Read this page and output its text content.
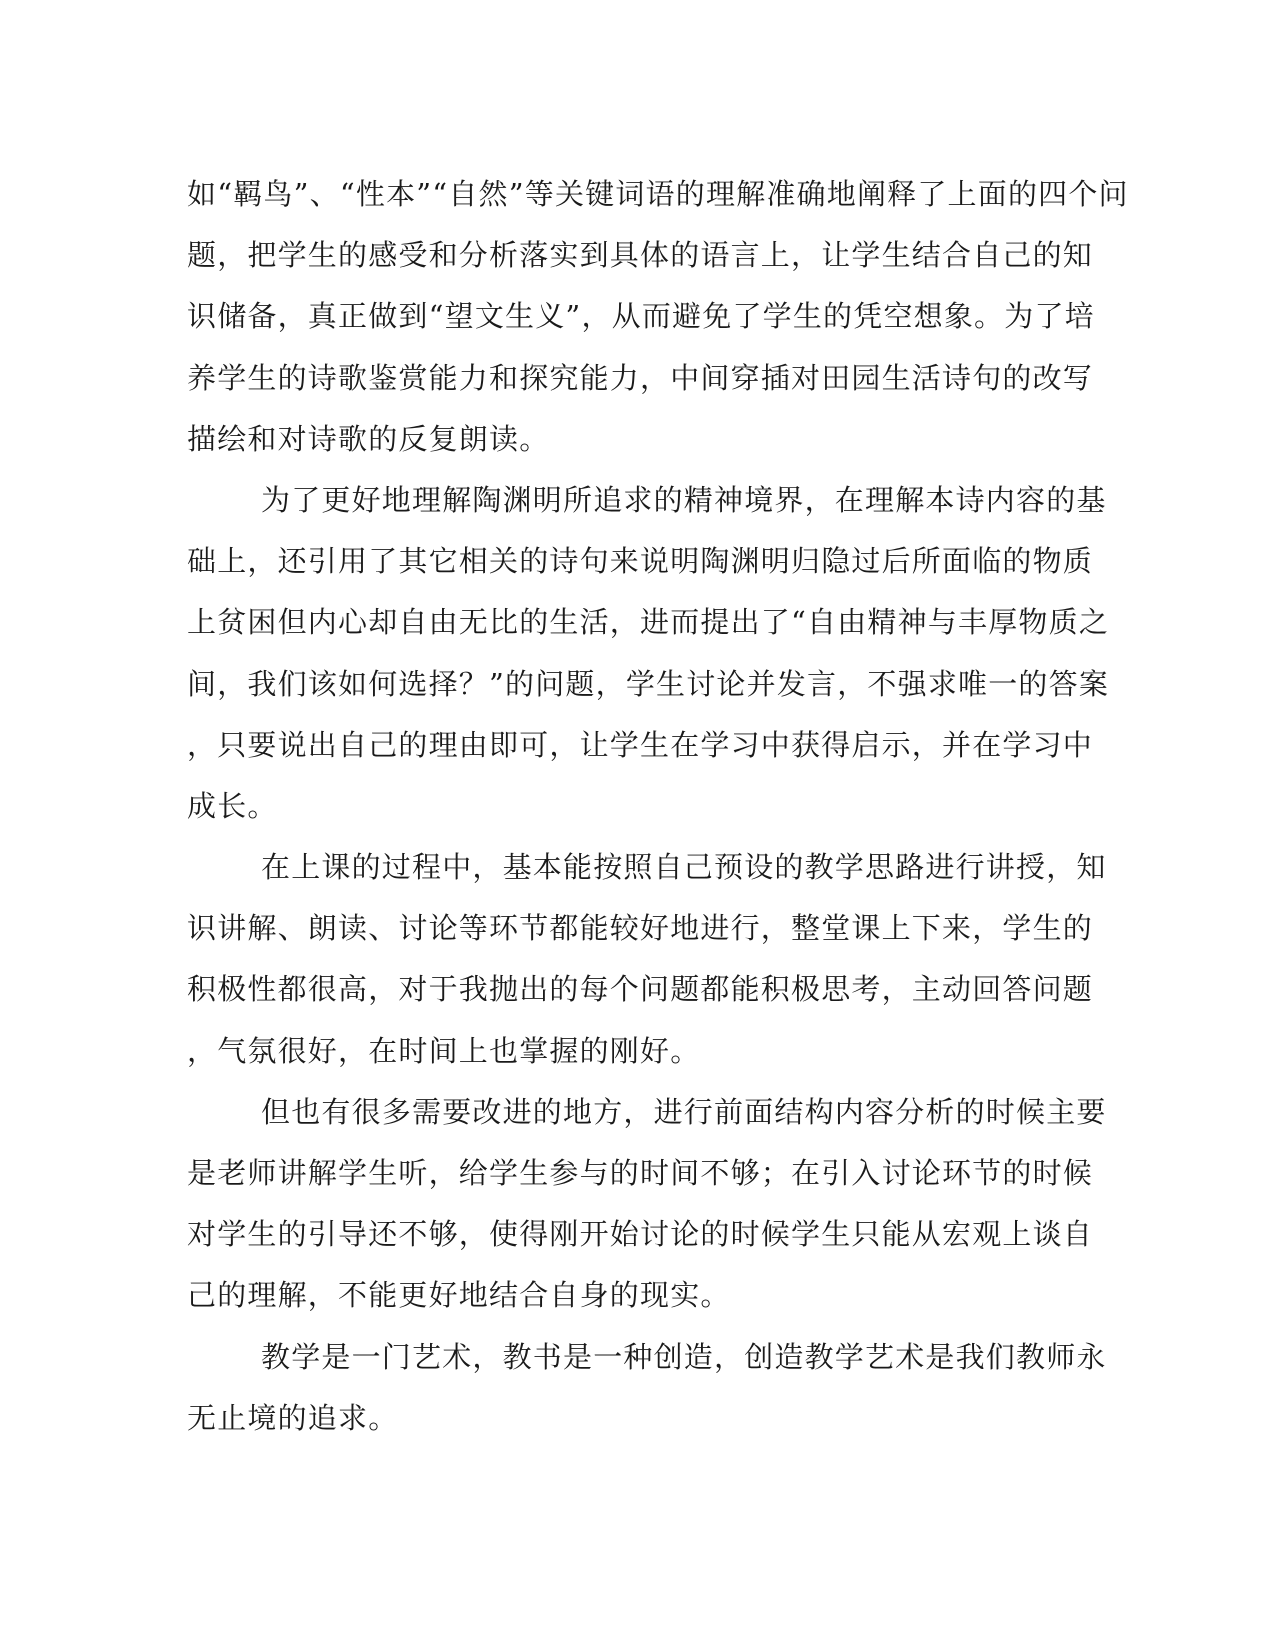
如“羁鸟”、“性本”“自然”等关键词语的理解准确地阐释了上面的四个问
题，把学生的感受和分析落实到具体的语言上，让学生结合自己的知
识储备，真正做到“望文生义”，从而避免了学生的凭空想象。为了培
养学生的诗歌鉴赏能力和探究能力，中间穿插对田园生活诗句的改写
描绘和对诗歌的反复朗读。
为了更好地理解陶渊明所追求的精神境界，在理解本诗内容的基
础上，还引用了其它相关的诗句来说明陶渊明归隐过后所面临的物质
上贫困但内心却自由无比的生活，进而提出了“自由精神与丰厚物质之
间，我们该如何选择？”的问题，学生讨论并发言，不强求唯一的答案
，只要说出自己的理由即可，让学生在学习中获得启示，并在学习中
成长。
在上课的过程中，基本能按照自己预设的教学思路进行讲授，知
识讲解、朗读、讨论等环节都能较好地进行，整堂课上下来，学生的
积极性都很高，对于我抛出的每个问题都能积极思考，主动回答问题
，气氛很好，在时间上也掌握的刚好。
但也有很多需要改进的地方，进行前面结构内容分析的时候主要
是老师讲解学生听，给学生参与的时间不够；在引入讨论环节的时候
对学生的引导还不够，使得刚开始讨论的时候学生只能从宏观上谈自
己的理解，不能更好地结合自身的现实。
教学是一门艺术，教书是一种创造，创造教学艺术是我们教师永
无止境的追求。
